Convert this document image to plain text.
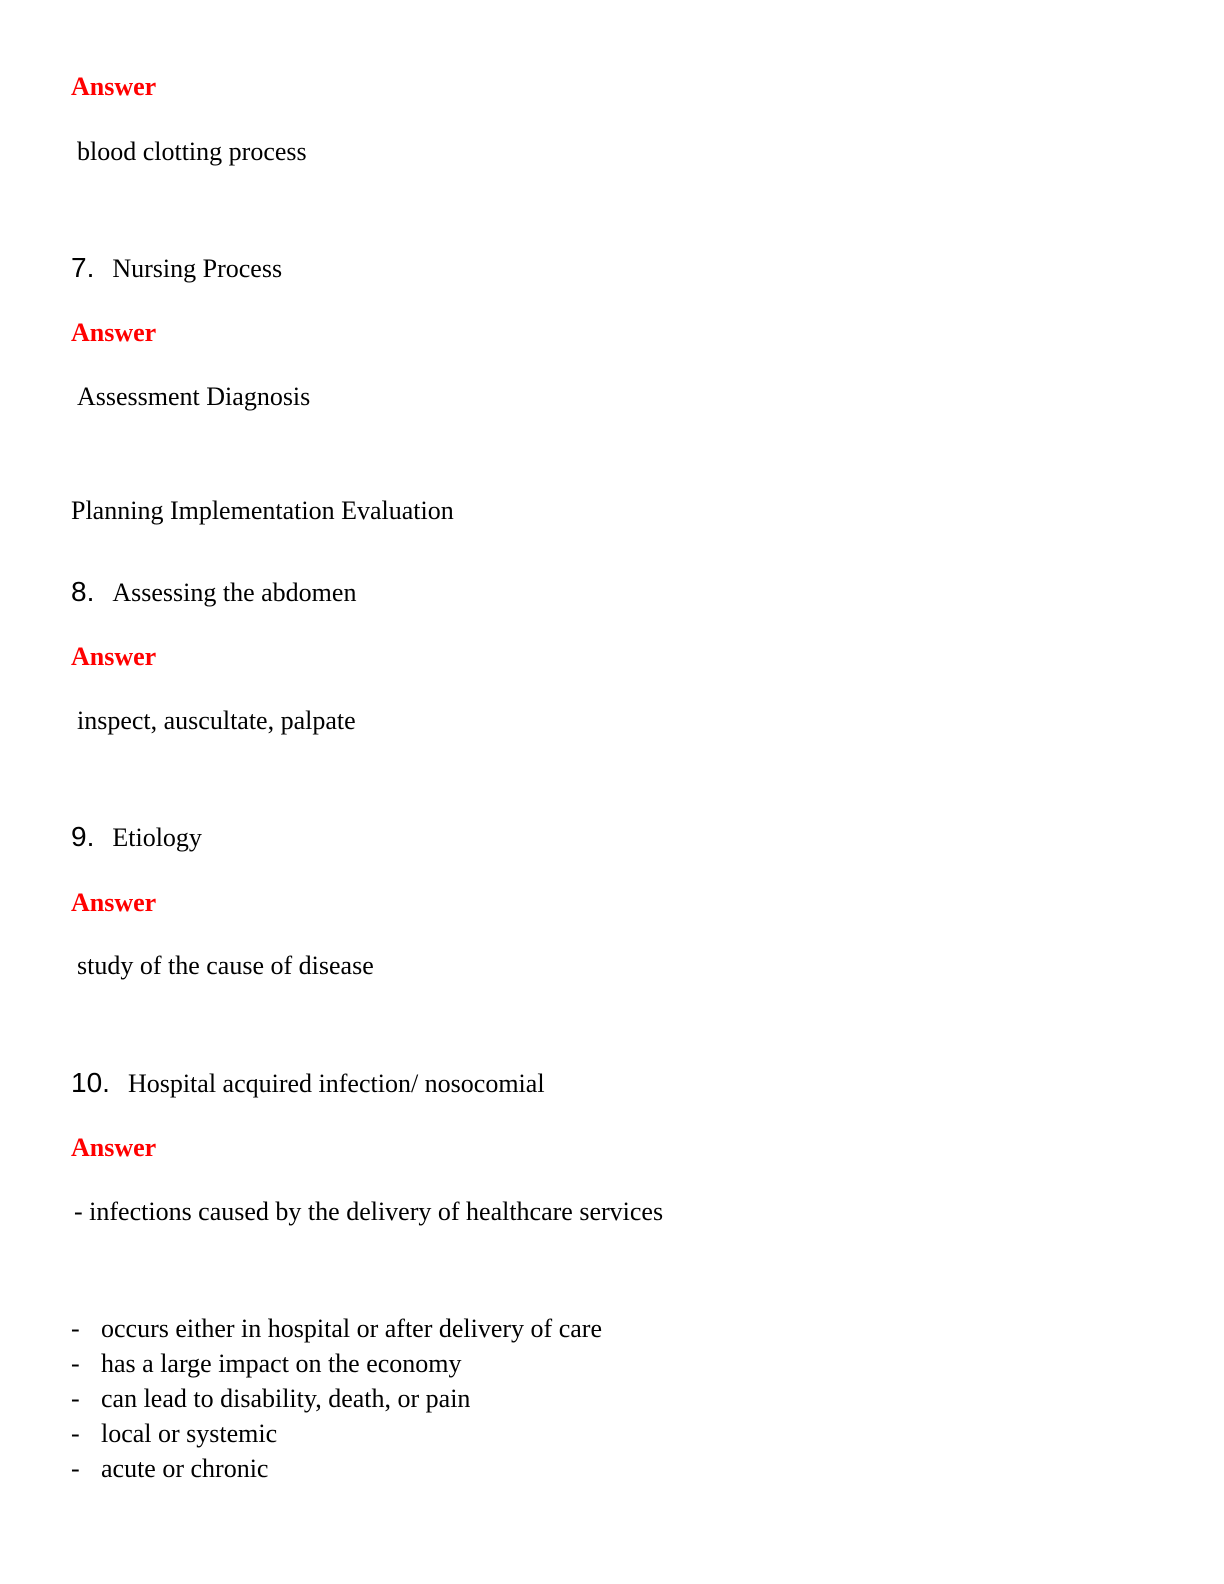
Answer
blood clotting process
7. Nursing Process
Answer
Assessment Diagnosis
Planning Implementation Evaluation
8. Assessing the abdomen
Answer
inspect, auscultate, palpate
9. Etiology
Answer
study of the cause of disease
10. Hospital acquired infection/ nosocomial
Answer
- infections caused by the delivery of healthcare services
- occurs either in hospital or after delivery of care
- has a large impact on the economy
- can lead to disability, death, or pain
- local or systemic
- acute or chronic
